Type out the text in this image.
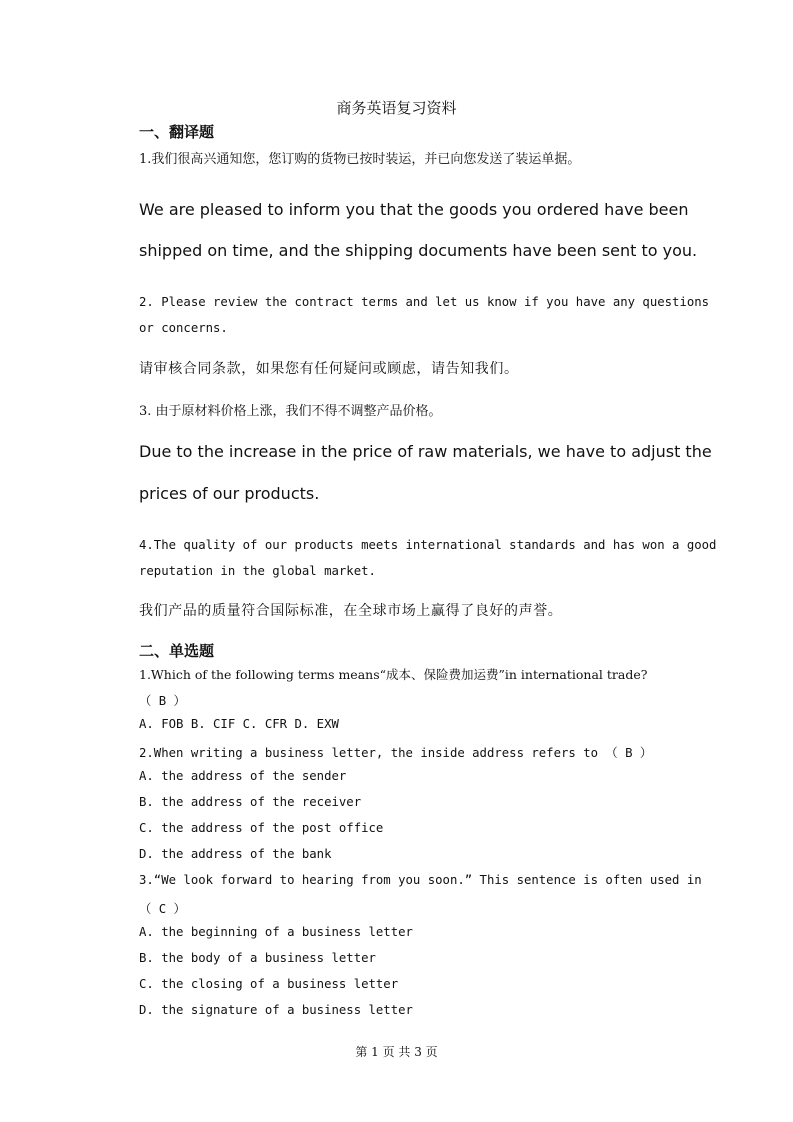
商务英语复习资料
一、翻译题
1.我们很高兴通知您，您订购的货物已按时装运，并已向您发送了装运单据。
We are pleased to inform you that the goods you ordered have been
shipped on time, and the shipping documents have been sent to you.
2. Please review the contract terms and let us know if you have any questions
or concerns.
请审核合同条款，如果您有任何疑问或顾虑，请告知我们。
3. 由于原材料价格上涨，我们不得不调整产品价格。
Due to the increase in the price of raw materials, we have to adjust the
prices of our products.
4.The quality of our products meets international standards and has won a good
reputation in the global market.
我们产品的质量符合国际标准，在全球市场上赢得了良好的声誉。
二、单选题
1.Which of the following terms means“成本、保险费加运费”in international trade?
（ B ）
A. FOB B. CIF C. CFR D. EXW
2.When writing a business letter, the inside address refers to （ B ）
A. the address of the sender
B. the address of the receiver
C. the address of the post office
D. the address of the bank
3.“We look forward to hearing from you soon.” This sentence is often used in
（ C ）
A. the beginning of a business letter
B. the body of a business letter
C. the closing of a business letter
D. the signature of a business letter
第 1 页 共 3 页
